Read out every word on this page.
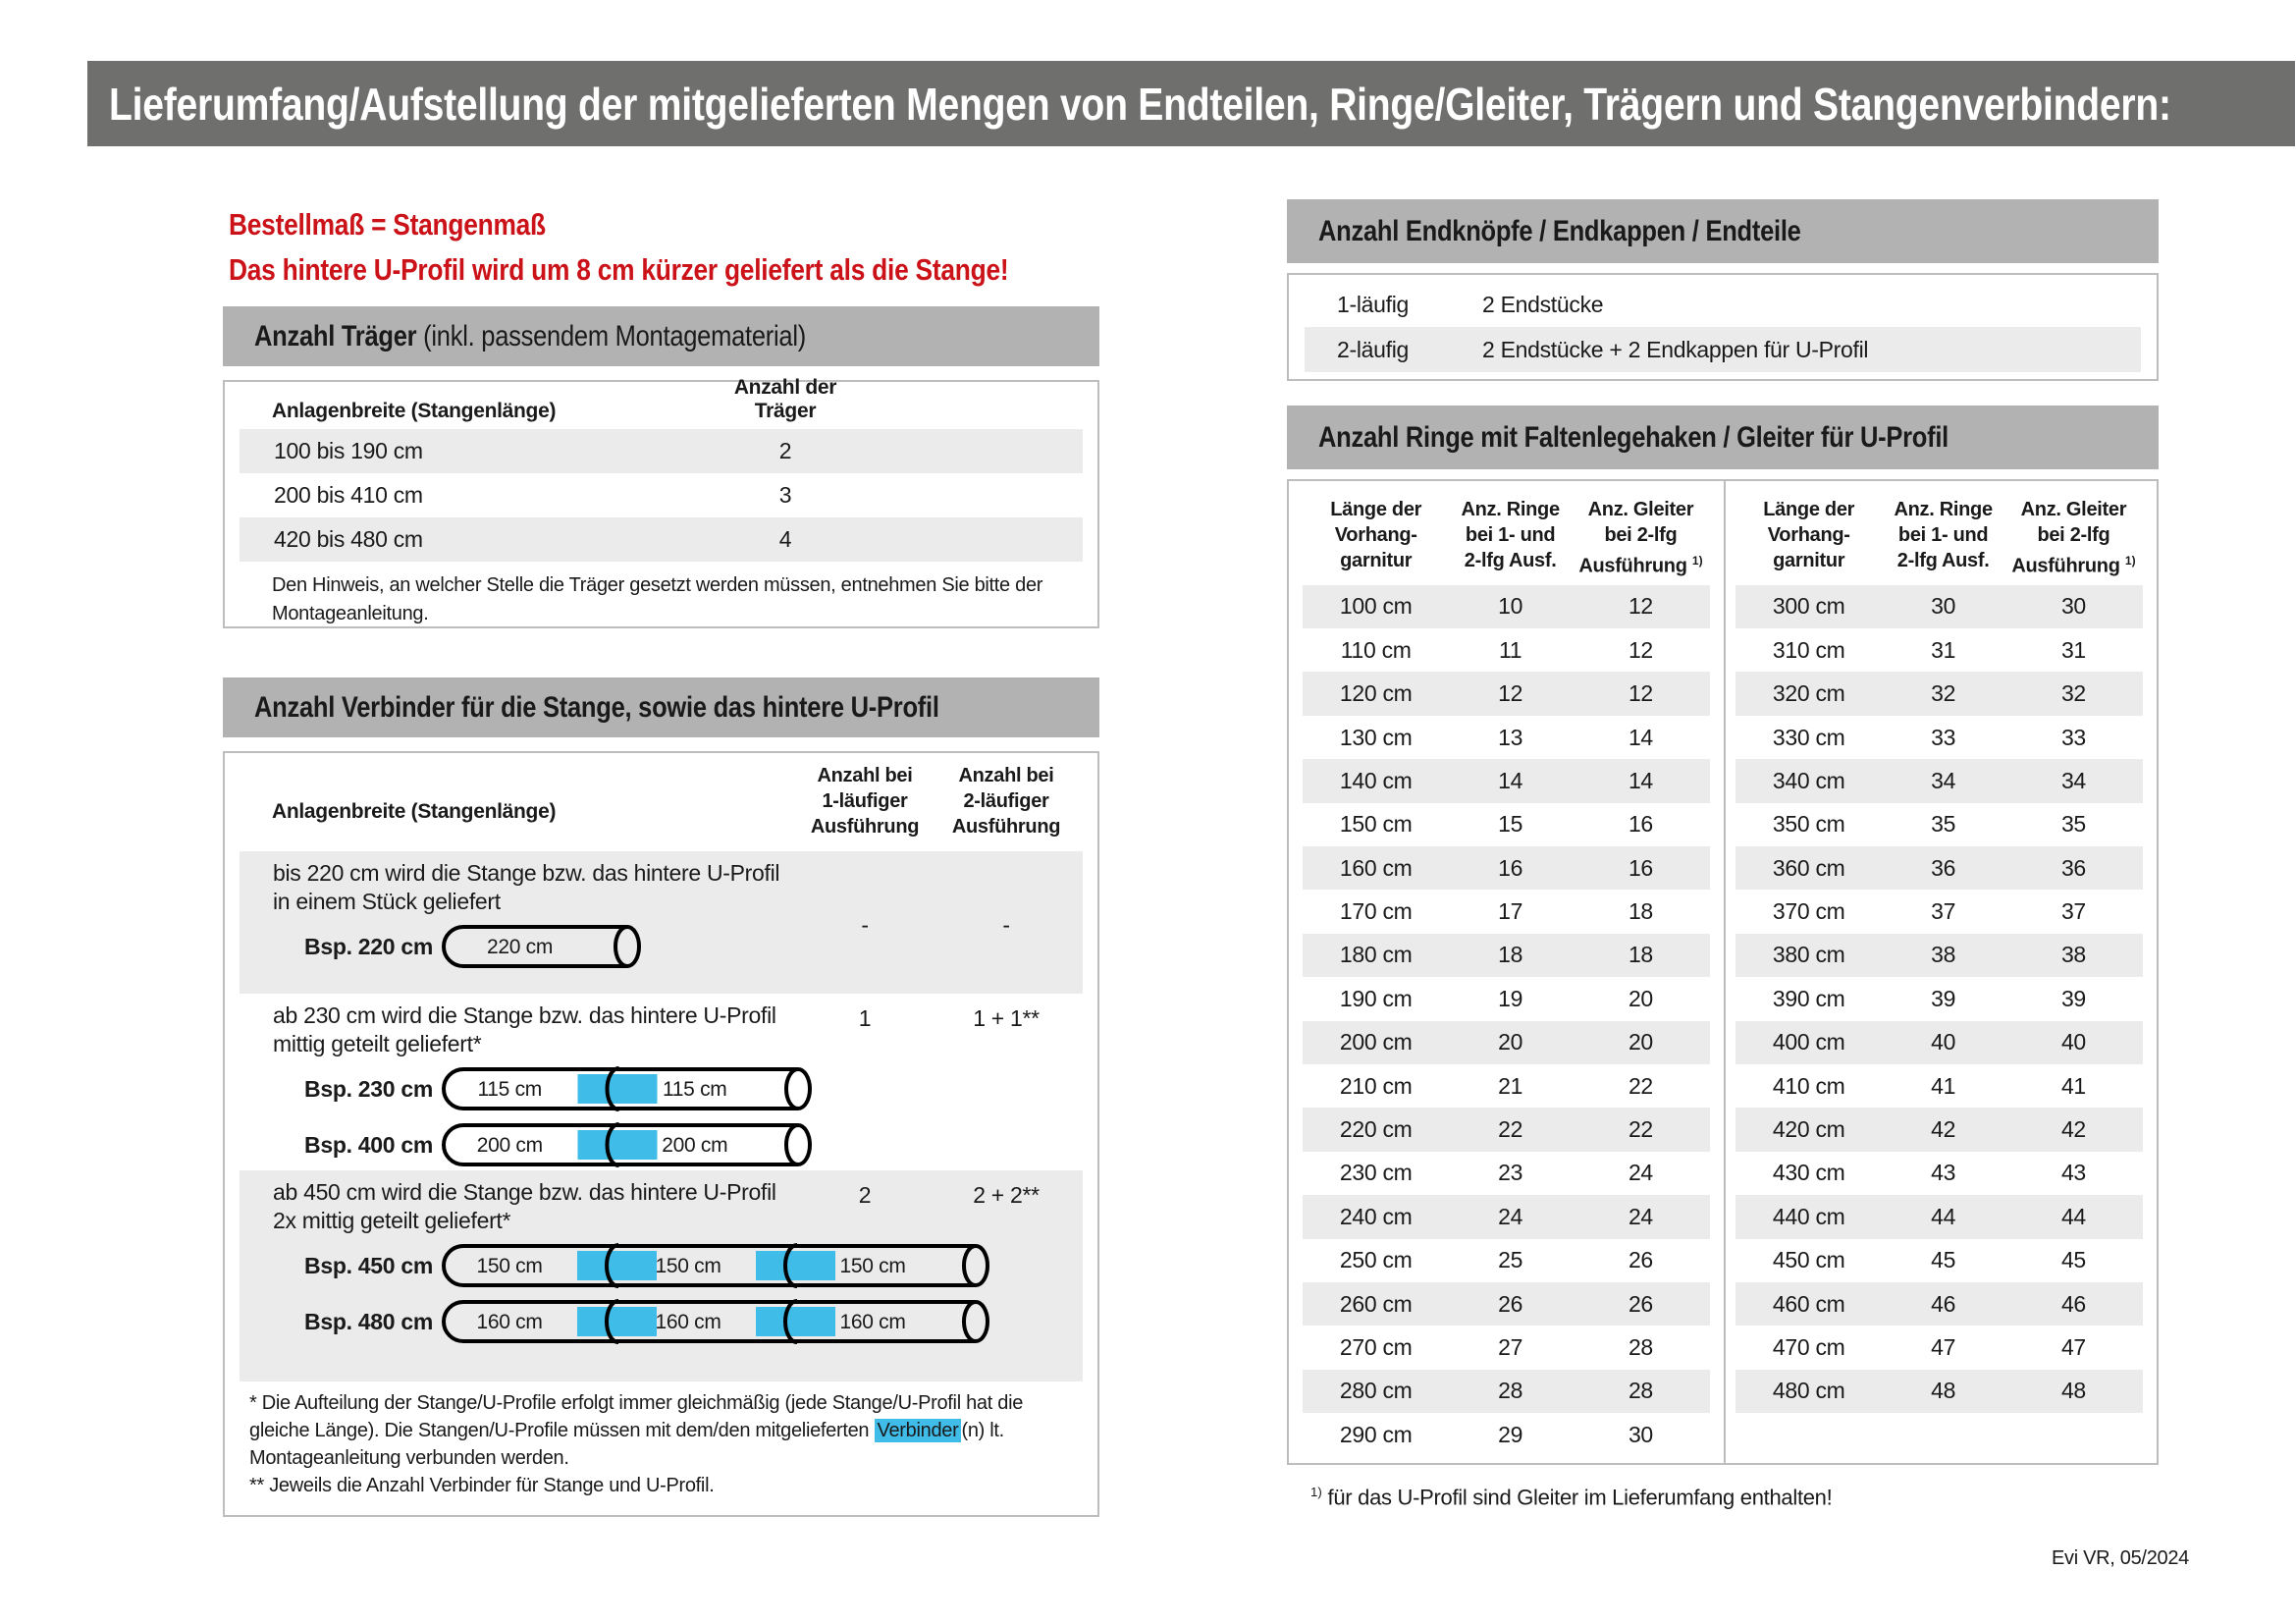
Lieferumfang/Aufstellung der mitgelieferten Mengen von Endteilen, Ringe/Gleiter, Trägern und Stangenverbindern:
Bestellmaß = Stangenmaß
Das hintere U-Profil wird um 8 cm kürzer geliefert als die Stange!
Anzahl Träger (inkl. passendem Montagematerial)
Anlagenbreite (Stangenlänge)
Anzahl der Träger
100 bis 190 cm	2
200 bis 410 cm	3
420 bis 480 cm	4
Den Hinweis, an welcher Stelle die Träger gesetzt werden müssen, entnehmen Sie bitte der Montageanleitung.
Anzahl Verbinder für die Stange, sowie das hintere U-Profil
Anlagenbreite (Stangenlänge)
Anzahl bei
1-läufiger
Ausführung
Anzahl bei
2-läufiger
Ausführung
bis 220 cm wird die Stange bzw. das hintere U-Profil
in einem Stück geliefert
-	-
Bsp. 220 cm	220 cm
ab 230 cm wird die Stange bzw. das hintere U-Profil
mittig geteilt geliefert*
1	1 + 1**
Bsp. 230 cm 115 cm	115 cm
Bsp. 400 cm 200 cm	200 cm
ab 450 cm wird die Stange bzw. das hintere U-Profil
2x mittig geteilt geliefert*
2	2 + 2**
Bsp. 450 cm 150 cm	150 cm	150 cm
Bsp. 480 cm 160 cm	160 cm	160 cm
* Die Aufteilung der Stange/U-Profile erfolgt immer gleichmäßig (jede Stange/U-Profil hat die gleiche Länge). Die Stangen/U-Profile müssen mit dem/den mitgelieferten Verbinder (n) lt. Montageanleitung verbunden werden.
** Jeweils die Anzahl Verbinder für Stange und U-Profil.
Anzahl Endknöpfe / Endkappen / Endteile
1-läufig	2 Endstücke
2-läufig	2 Endstücke + 2 Endkappen für U-Profil
Anzahl Ringe mit Faltenlegehaken / Gleiter für U-Profil
Länge der
Vorhang-
garnitur
Anz. Ringe
bei 1- und
2-lfg Ausf.
Anz. Gleiter
bei 2-lfg
Ausführung $^{1)}$
100 cm	10	12
110 cm	11	12
120 cm	12	12
130 cm	13	14
140 cm	14	14
150 cm	15	16
160 cm	16	16
170 cm	17	18
180 cm	18	18
190 cm	19	20
200 cm	20	20
210 cm	21	22
220 cm	22	22
230 cm	23	24
240 cm	24	24
250 cm	25	26
260 cm	26	26
270 cm	27	28
280 cm	28	28
290 cm	29	30
Länge der
Vorhang-
garnitur
Anz. Ringe
bei 1- und
2-lfg Ausf.
Anz. Gleiter
bei 2-lfg
Ausführung $^{1)}$
300 cm	30	30
310 cm	31	31
320 cm	32	32
330 cm	33	33
340 cm	34	34
350 cm	35	35
360 cm	36	36
370 cm	37	37
380 cm	38	38
390 cm	39	39
400 cm	40	40
410 cm	41	41
420 cm	42	42
430 cm	43	43
440 cm	44	44
450 cm	45	45
460 cm	46	46
470 cm	47	47
480 cm	48	48
$^{1)}$ für das U-Profil sind Gleiter im Lieferumfang enthalten!
Evi VR, 05/2024
